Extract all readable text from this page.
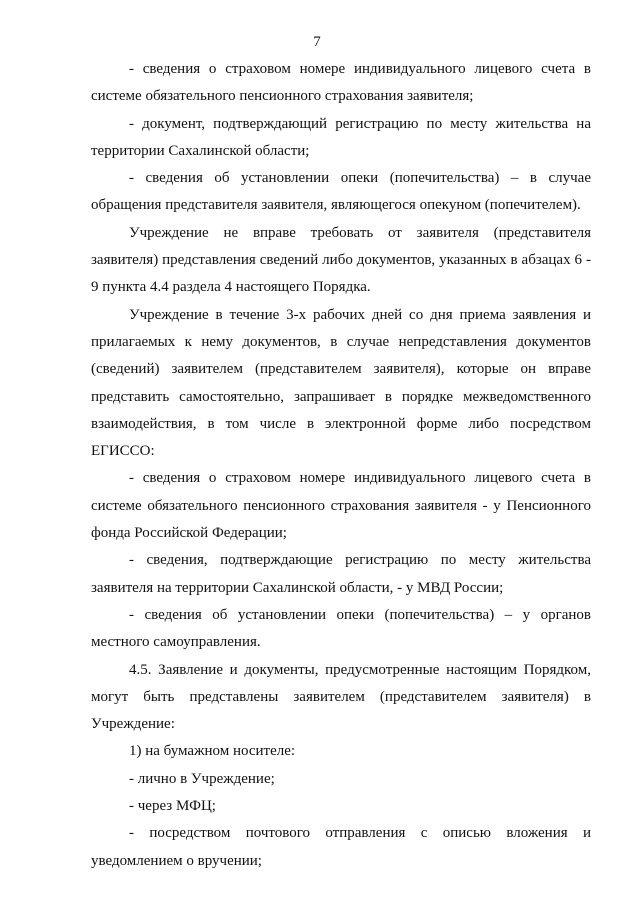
7

- сведения о страховом номере индивидуального лицевого счета в системе обязательного пенсионного страхования заявителя;

- документ, подтверждающий регистрацию по месту жительства на территории Сахалинской области;

- сведения об установлении опеки (попечительства) – в случае обращения представителя заявителя, являющегося опекуном (попечителем).

Учреждение не вправе требовать от заявителя (представителя заявителя) представления сведений либо документов, указанных в абзацах 6 - 9 пункта 4.4 раздела 4 настоящего Порядка.

Учреждение в течение 3-х рабочих дней со дня приема заявления и прилагаемых к нему документов, в случае непредставления документов (сведений) заявителем (представителем заявителя), которые он вправе представить самостоятельно, запрашивает в порядке межведомственного взаимодействия, в том числе в электронной форме либо посредством ЕГИССО:

- сведения о страховом номере индивидуального лицевого счета в системе обязательного пенсионного страхования заявителя - у Пенсионного фонда Российской Федерации;

- сведения, подтверждающие регистрацию по месту жительства заявителя на территории Сахалинской области, - у МВД России;

- сведения об установлении опеки (попечительства) – у органов местного самоуправления.

4.5. Заявление и документы, предусмотренные настоящим Порядком, могут быть представлены заявителем (представителем заявителя) в Учреждение:

1) на бумажном носителе:

- лично в Учреждение;

- через МФЦ;

- посредством почтового отправления с описью вложения и уведомлением о вручении;
